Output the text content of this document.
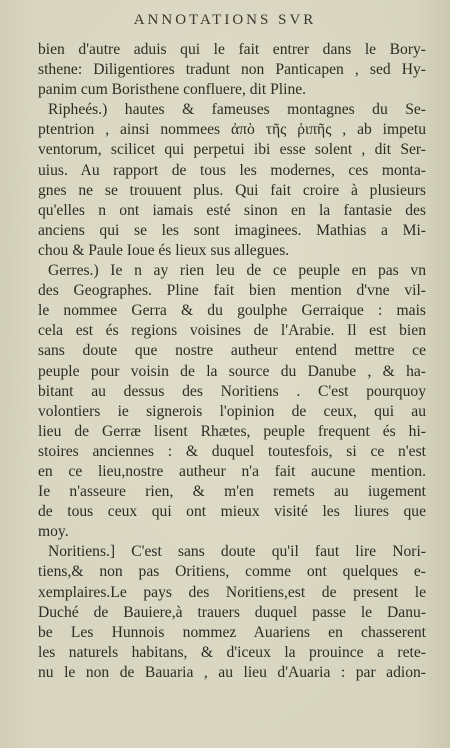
ANNOTATIONS SVR
bien d'autre aduis qui le fait entrer dans le Bory-
sthene: Diligentiores tradunt non Panticapen , sed Hy-
panim cum Boristhene confluere, dit Pline.
Ripheés.) hautes & fameuses montagnes du Se-
ptentrion , ainsi nommees ἀπὸ τῆς ῥιπῆς , ab impetu
ventorum, scilicet qui perpetui ibi esse solent , dit Ser-
uius. Au rapport de tous les modernes, ces monta-
gnes ne se trouuent plus. Qui fait croire à plusieurs
qu'elles n ont iamais esté sinon en la fantasie des
anciens qui se les sont imaginees. Mathias a Mi-
chou & Paule Ioue és lieux sus allegues.
Gerres.) Ie n ay rien leu de ce peuple en pas vn
des Geographes. Pline fait bien mention d'vne vil-
le nommee Gerra & du goulphe Gerraique : mais
cela est és regions voisines de l'Arabie. Il est bien
sans doute que nostre autheur entend mettre ce
peuple pour voisin de la source du Danube , & ha-
bitant au dessus des Noritiens . C'est pourquoy
volontiers ie signerois l'opinion de ceux, qui au
lieu de Gerræ lisent Rhætes, peuple frequent és hi-
stoires anciennes : & duquel toutesfois, si ce n'est
en ce lieu,nostre autheur n'a fait aucune mention.
Ie n'asseure rien, & m'en remets au iugement
de tous ceux qui ont mieux visité les liures que
moy.
Noritiens.] C'est sans doute qu'il faut lire Nori-
tiens,& non pas Oritiens, comme ont quelques e-
xemplaires.Le pays des Noritiens,est de present le
Duché de Bauiere,à trauers duquel passe le Danu-
be Les Hunnois nommez Auariens en chasserent
les naturels habitans, & d'iceux la prouince a rete-
nu le non de Bauaria , au lieu d'Auaria : par adion-
